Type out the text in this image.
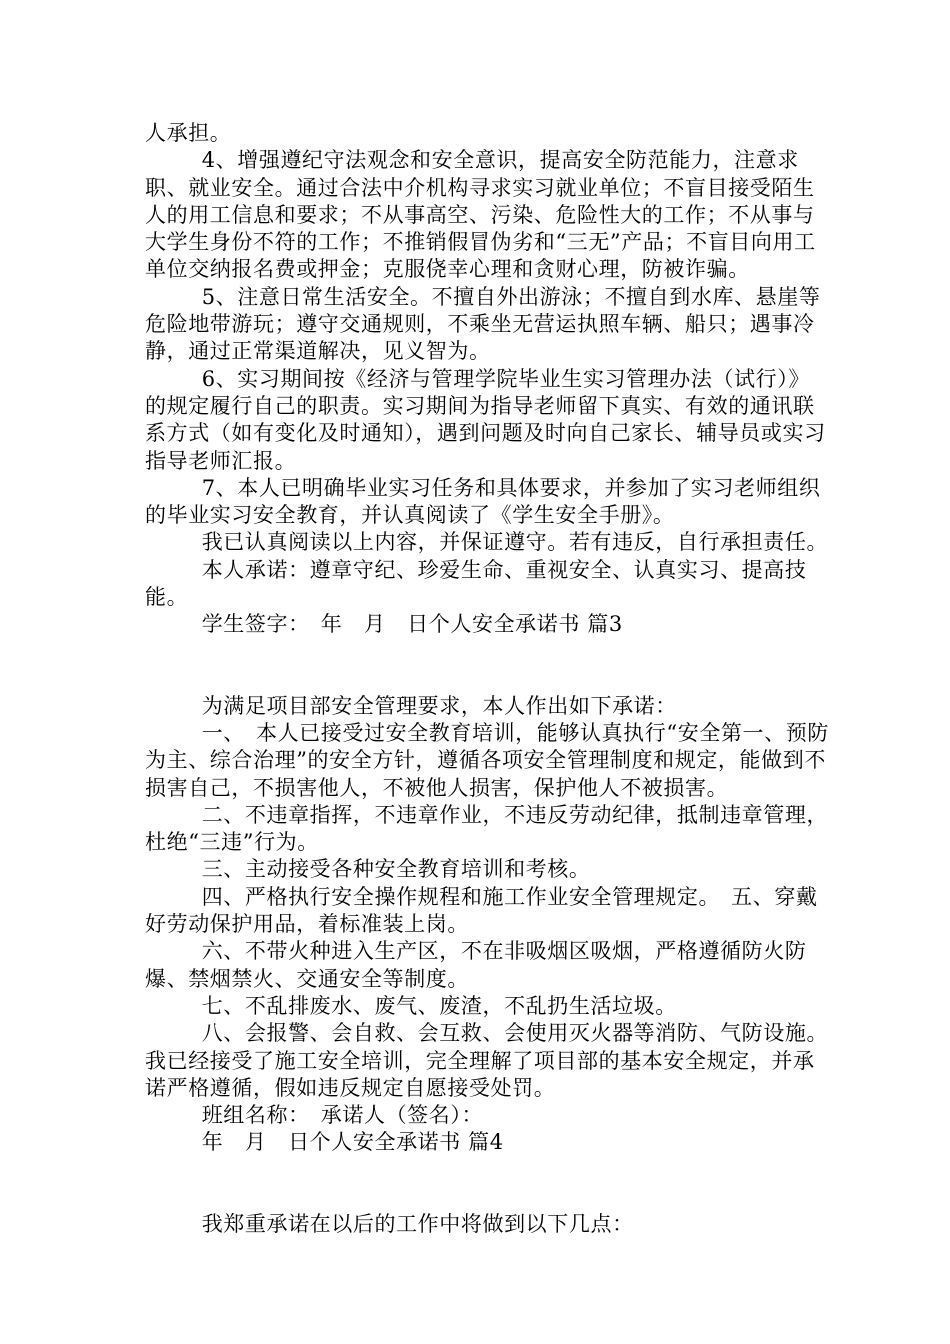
人承担。

4、增强遵纪守法观念和安全意识，提高安全防范能力，注意求职、就业安全。通过合法中介机构寻求实习就业单位；不盲目接受陌生人的用工信息和要求；不从事高空、污染、危险性大的工作；不从事与大学生身份不符的工作；不推销假冒伪劣和“三无”产品；不盲目向用工单位交纳报名费或押金；克服侥幸心理和贪财心理，防被诈骗。

5、注意日常生活安全。不擅自外出游泳；不擅自到水库、悬崖等危险地带游玩；遵守交通规则，不乘坐无营运执照车辆、船只；遇事冷静，通过正常渠道解决，见义智为。

6、实习期间按《经济与管理学院毕业生实习管理办法（试行）》的规定履行自己的职责。实习期间为指导老师留下真实、有效的通讯联系方式（如有变化及时通知），遇到问题及时向自己家长、辅导员或实习指导老师汇报。

7、本人已明确毕业实习任务和具体要求，并参加了实习老师组织的毕业实习安全教育，并认真阅读了《学生安全手册》。

我已认真阅读以上内容，并保证遵守。若有违反，自行承担责任。

本人承诺：遵章守纪、珍爱生命、重视安全、认真实习、提高技能。

学生签字：　年　月　日个人安全承诺书 篇3

为满足项目部安全管理要求，本人作出如下承诺：

一、　本人已接受过安全教育培训，能够认真执行“安全第一、预防为主、综合治理”的安全方针，遵循各项安全管理制度和规定，能做到不损害自己，不损害他人，不被他人损害，保护他人不被损害。

二、不违章指挥，不违章作业，不违反劳动纪律，抵制违章管理，杜绝“三违”行为。

三、主动接受各种安全教育培训和考核。

四、严格执行安全操作规程和施工作业安全管理规定。　五、穿戴好劳动保护用品，着标准装上岗。

六、不带火种进入生产区，不在非吸烟区吸烟，严格遵循防火防爆、禁烟禁火、交通安全等制度。

七、不乱排废水、废气、废渣，不乱扔生活垃圾。

八、会报警、会自救、会互救、会使用灭火器等消防、气防设施。 我已经接受了施工安全培训，完全理解了项目部的基本安全规定，并承诺严格遵循，假如违反规定自愿接受处罚。

班组名称：　承诺人（签名）：

年　月　日个人安全承诺书 篇4

我郑重承诺在以后的工作中将做到以下几点：
